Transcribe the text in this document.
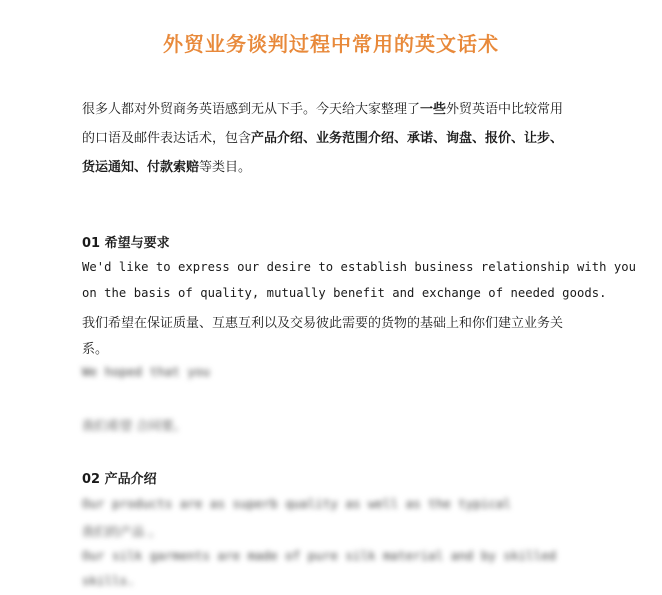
外贸业务谈判过程中常用的英文话术
很多人都对外贸商务英语感到无从下手。今天给大家整理了一些外贸英语中比较常用
的口语及邮件表达话术，包含产品介绍、业务范围介绍、承诺、询盘、报价、让步、
货运通知、付款索赔等类目。
01 希望与要求
We'd like to express our desire to establish business relationship with you
on the basis of quality, mutually benefit and exchange of needed goods.
我们希望在保证质量、互惠互利以及交易彼此需要的货物的基础上和你们建立业务关
系。
We hoped that you
我们希望 合同要。
02 产品介绍
Our products are as superb quality as well as the typical
我们的产品 。
Our silk garments are made of pure silk material and by skilled
skills.
